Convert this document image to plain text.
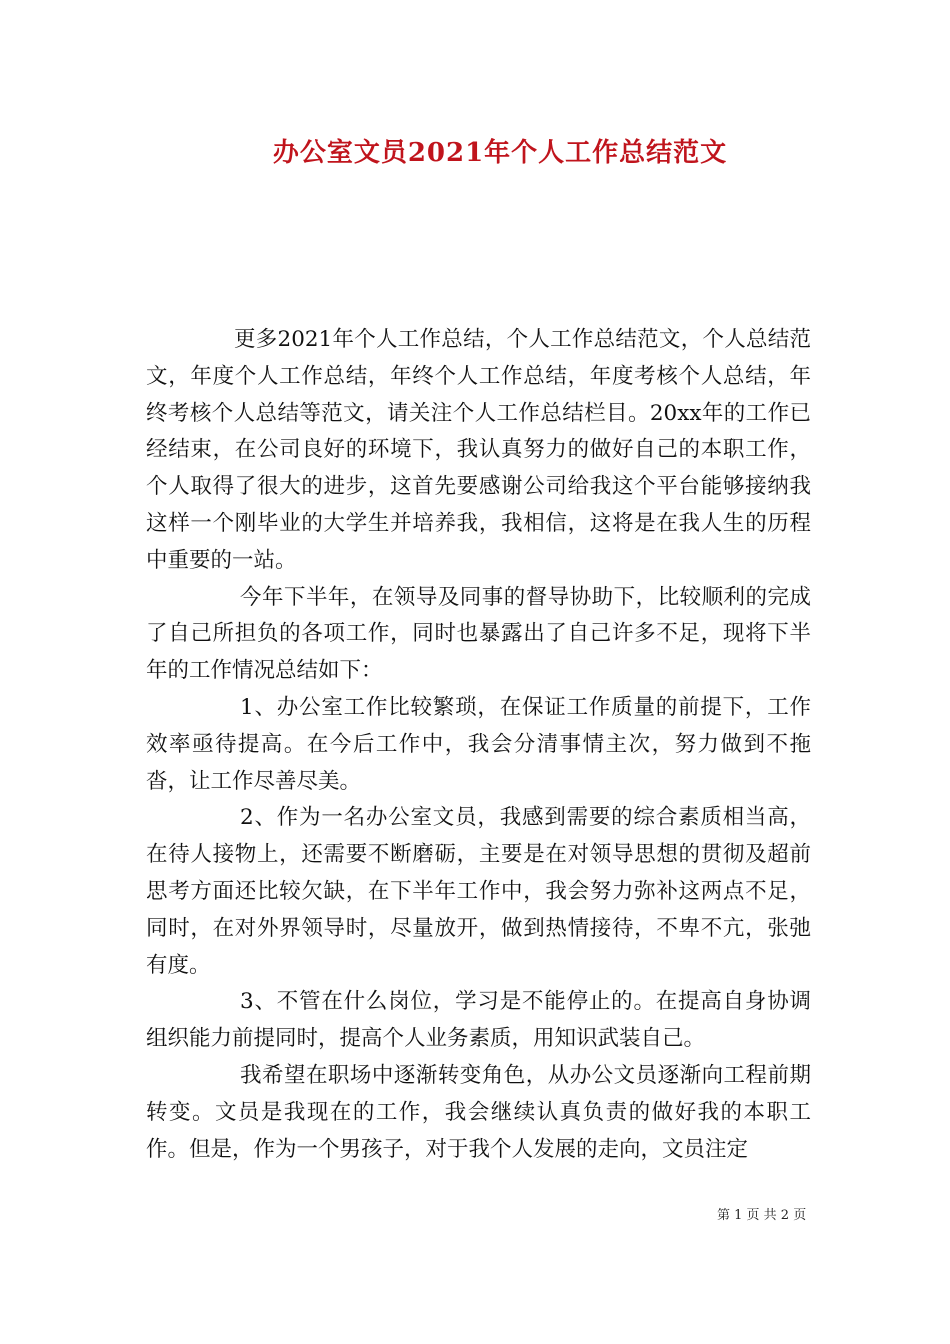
办公室文员2021年个人工作总结范文

更多2021年个人工作总结，个人工作总结范文，个人总结范文，年度个人工作总结，年终个人工作总结，年度考核个人总结，年终考核个人总结等范文，请关注个人工作总结栏目。20xx年的工作已经结束，在公司良好的环境下，我认真努力的做好自己的本职工作，个人取得了很大的进步，这首先要感谢公司给我这个平台能够接纳我这样一个刚毕业的大学生并培养我，我相信，这将是在我人生的历程中重要的一站。

今年下半年，在领导及同事的督导协助下，比较顺利的完成了自己所担负的各项工作，同时也暴露出了自己许多不足，现将下半年的工作情况总结如下：

1、办公室工作比较繁琐，在保证工作质量的前提下，工作效率亟待提高。在今后工作中，我会分清事情主次，努力做到不拖沓，让工作尽善尽美。

2、作为一名办公室文员，我感到需要的综合素质相当高，在待人接物上，还需要不断磨砺，主要是在对领导思想的贯彻及超前思考方面还比较欠缺，在下半年工作中，我会努力弥补这两点不足，同时，在对外界领导时，尽量放开，做到热情接待，不卑不亢，张弛有度。

3、不管在什么岗位，学习是不能停止的。在提高自身协调组织能力前提同时，提高个人业务素质，用知识武装自己。

我希望在职场中逐渐转变角色，从办公文员逐渐向工程前期转变。文员是我现在的工作，我会继续认真负责的做好我的本职工作。但是，作为一个男孩子，对于我个人发展的走向，文员注定

第 1 页 共 2 页
